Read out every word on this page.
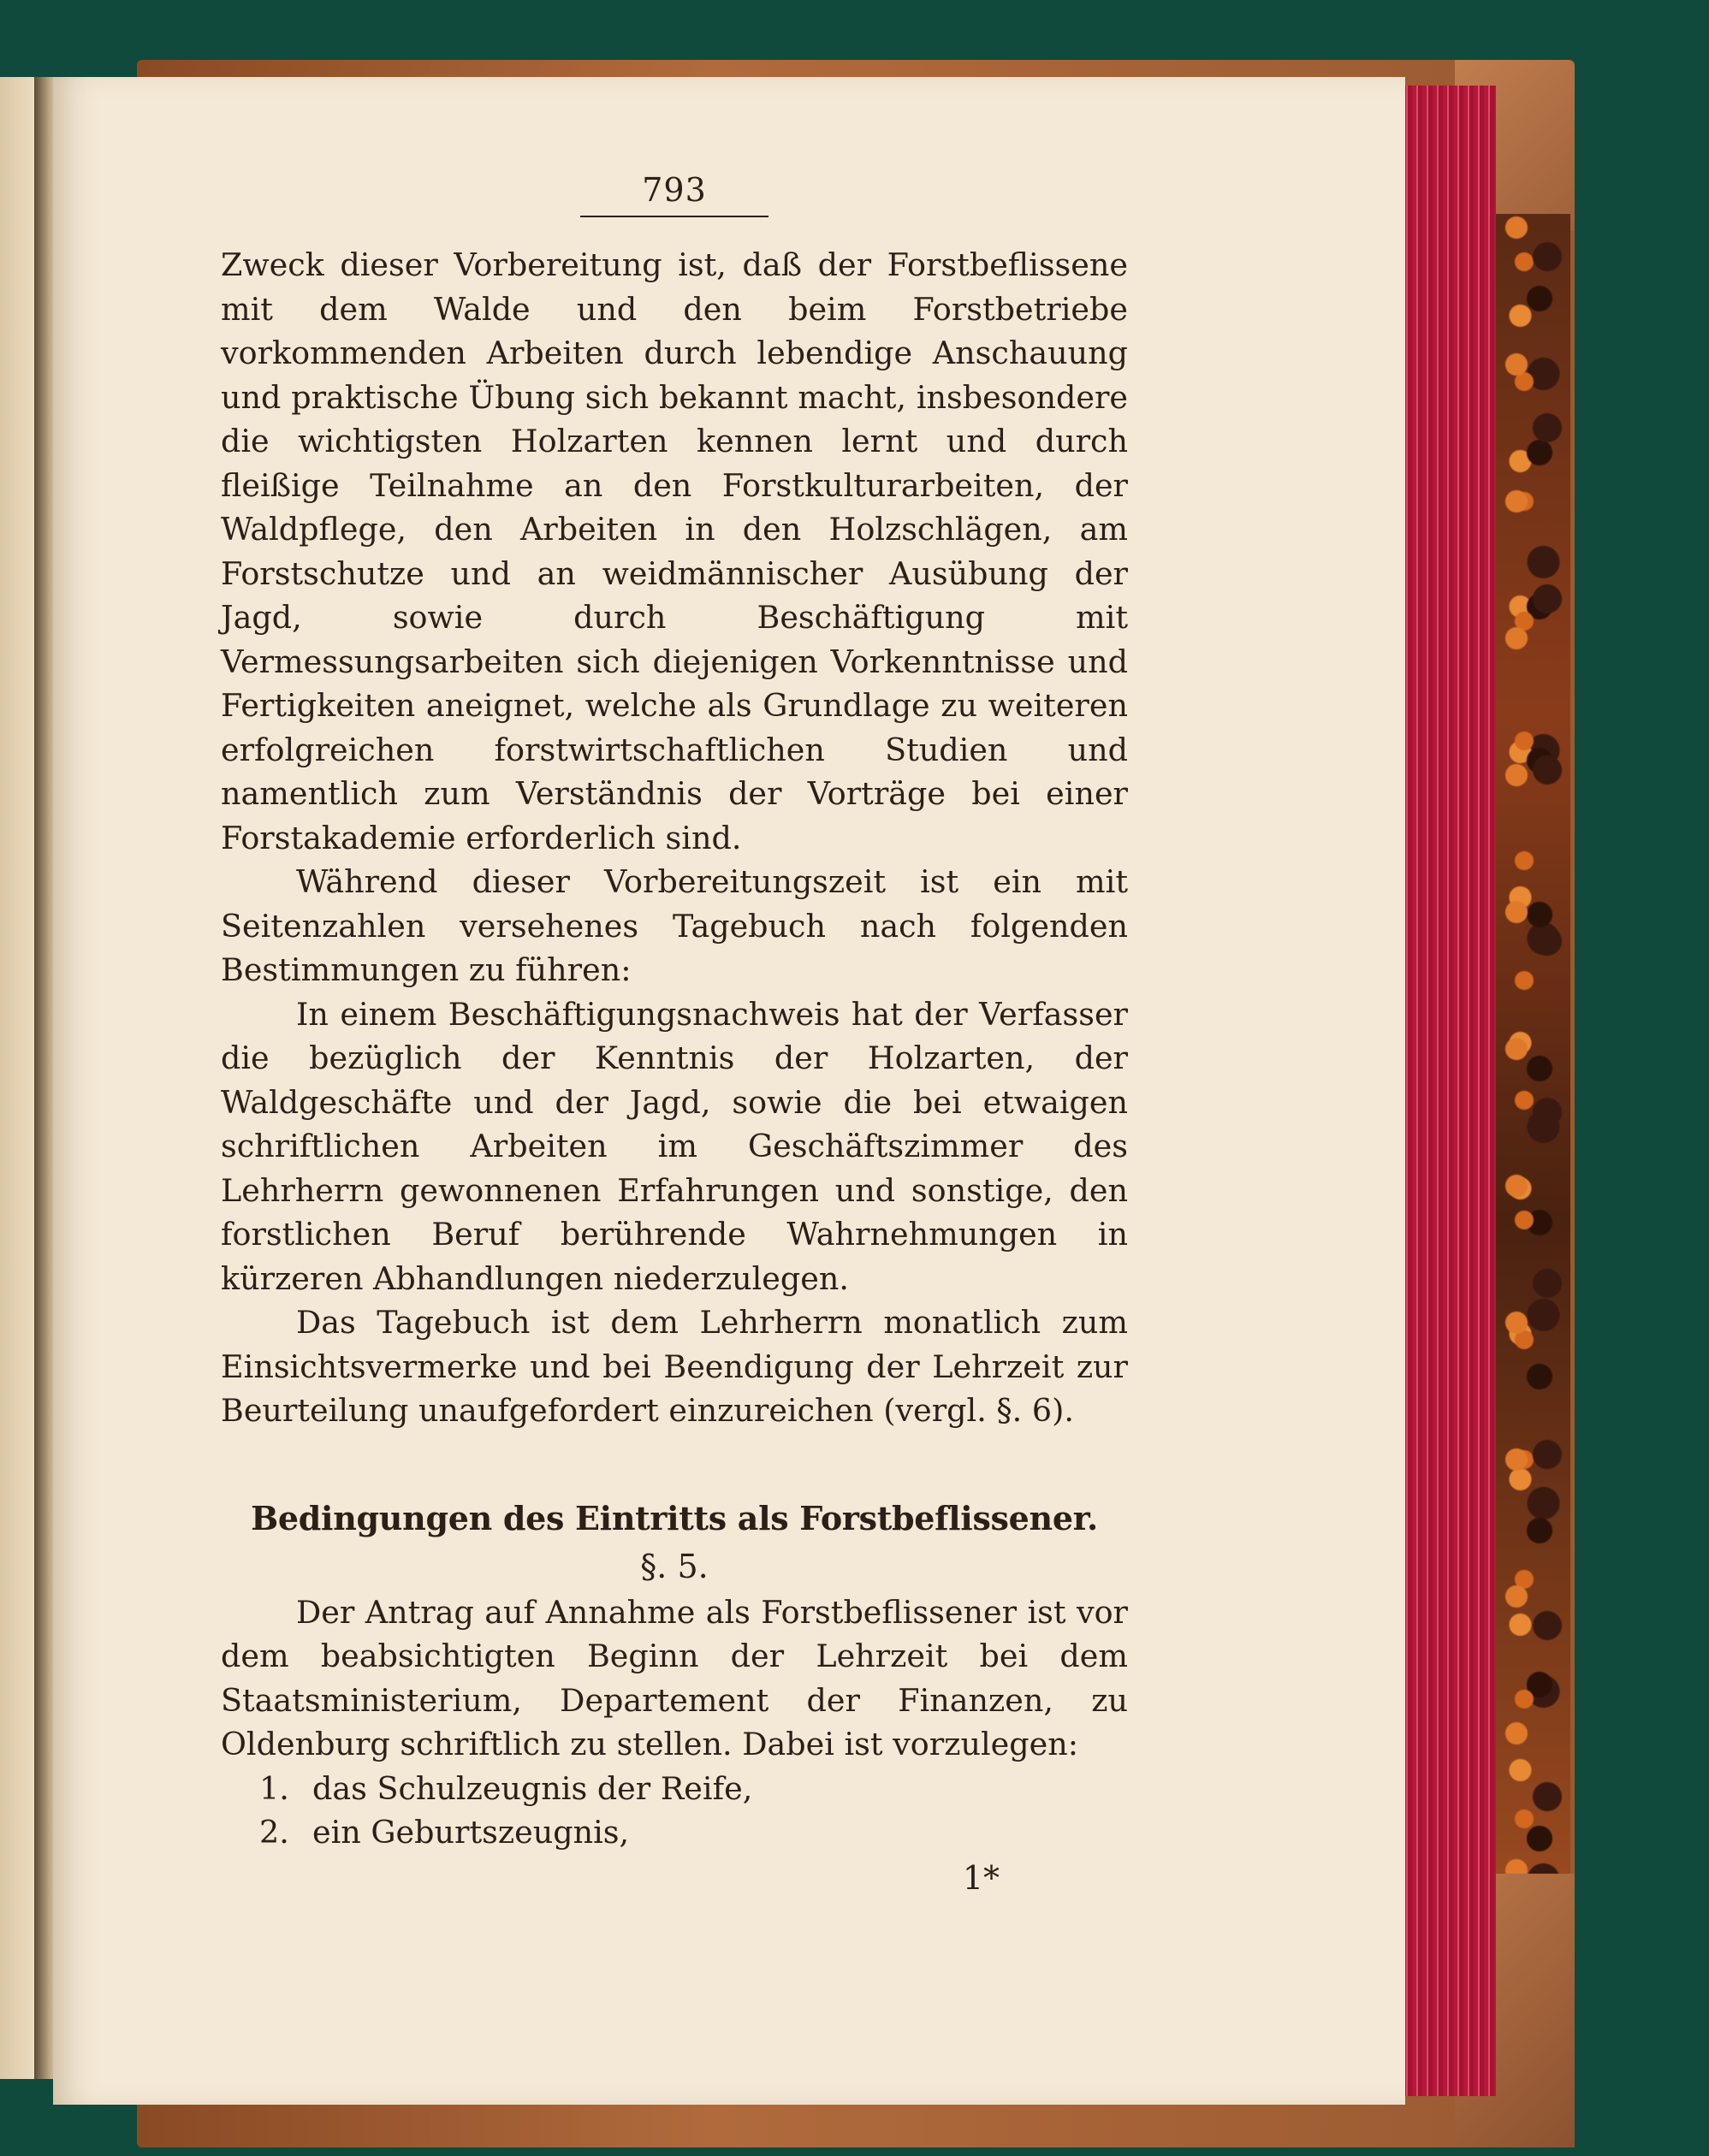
793

Zweck dieser Vorbereitung ist, daß der Forstbeflissene mit dem Walde und den beim Forstbetriebe vorkommenden Arbeiten durch lebendige Anschauung und praktische Übung sich bekannt macht, insbesondere die wichtigsten Holzarten kennen lernt und durch fleißige Teilnahme an den Forstkulturarbeiten, der Waldpflege, den Arbeiten in den Holzschlägen, am Forstschutze und an weidmännischer Ausübung der Jagd, sowie durch Beschäftigung mit Vermessungsarbeiten sich diejenigen Vorkenntnisse und Fertigkeiten aneignet, welche als Grundlage zu weiteren erfolgreichen forstwirtschaftlichen Studien und namentlich zum Verständnis der Vorträge bei einer Forstakademie erforderlich sind.

Während dieser Vorbereitungszeit ist ein mit Seitenzahlen versehenes Tagebuch nach folgenden Bestimmungen zu führen:

In einem Beschäftigungsnachweis hat der Verfasser die bezüglich der Kenntnis der Holzarten, der Waldgeschäfte und der Jagd, sowie die bei etwaigen schriftlichen Arbeiten im Geschäftszimmer des Lehrherrn gewonnenen Erfahrungen und sonstige, den forstlichen Beruf berührende Wahrnehmungen in kürzeren Abhandlungen niederzulegen.

Das Tagebuch ist dem Lehrherrn monatlich zum Einsichtsvermerke und bei Beendigung der Lehrzeit zur Beurteilung unaufgefordert einzureichen (vergl. §. 6).

Bedingungen des Eintritts als Forstbeflissener.
§. 5.

Der Antrag auf Annahme als Forstbeflissener ist vor dem beabsichtigten Beginn der Lehrzeit bei dem Staatsministerium, Departement der Finanzen, zu Oldenburg schriftlich zu stellen. Dabei ist vorzulegen:

1. das Schulzeugnis der Reife,
2. ein Geburtszeugnis,
1*
